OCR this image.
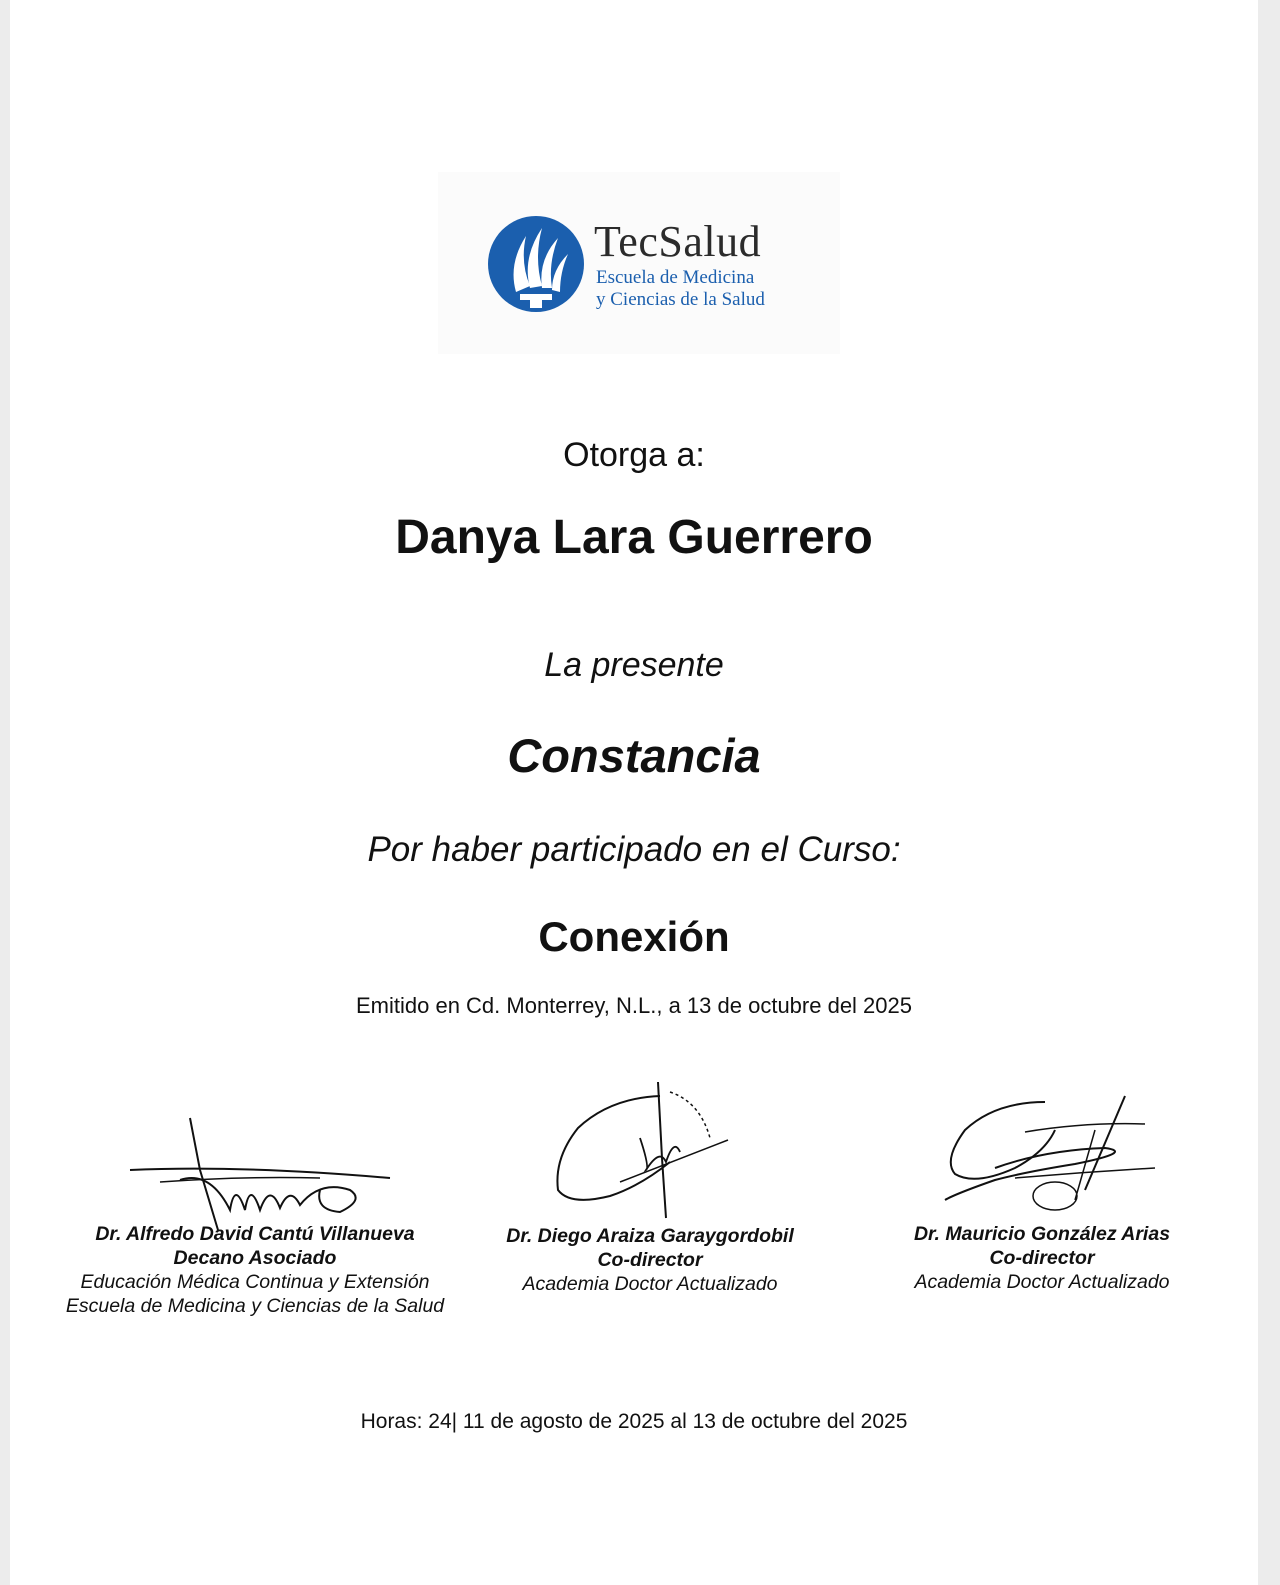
TecSalud
Escuela de Medicina
y Ciencias de la Salud
Otorga a:
Danya Lara Guerrero
La presente
Constancia
Por haber participado en el Curso:
Conexión
Emitido en Cd. Monterrey, N.L., a 13 de octubre del 2025
Dr. Alfredo David Cantú Villanueva
Decano Asociado
Educación Médica Continua y Extensión
Escuela de Medicina y Ciencias de la Salud
Dr. Diego Araiza Garaygordobil
Co-director
Academia Doctor Actualizado
Dr. Mauricio González Arias
Co-director
Academia Doctor Actualizado
Horas: 24| 11 de agosto de 2025 al 13 de octubre del 2025
